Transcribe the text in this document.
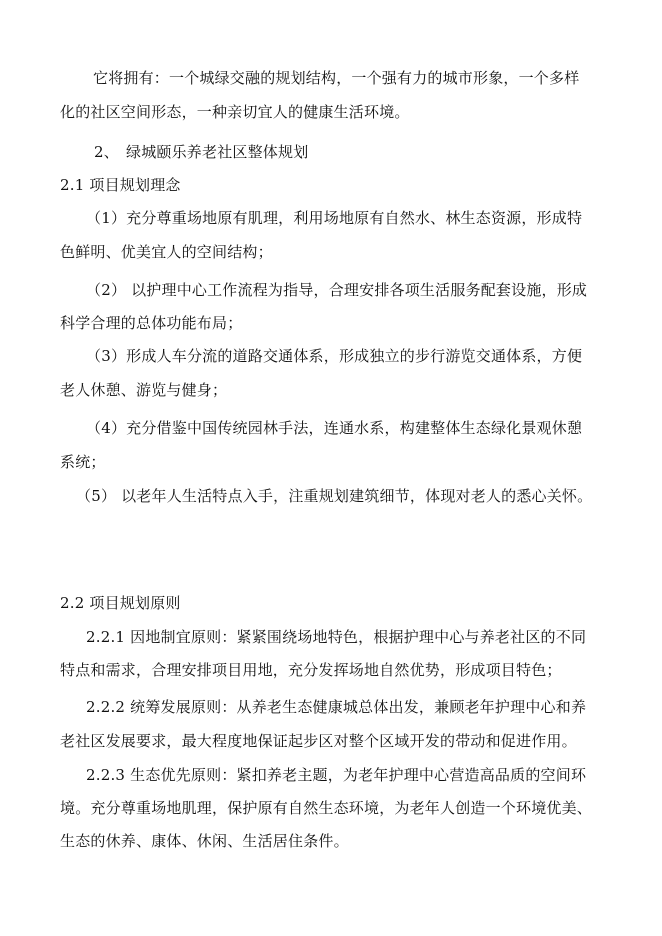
它将拥有：一个城绿交融的规划结构，一个强有力的城市形象，一个多样
化的社区空间形态，一种亲切宜人的健康生活环境。
2、 绿城颐乐养老社区整体规划
2.1 项目规划理念
（1）充分尊重场地原有肌理，利用场地原有自然水、林生态资源，形成特
色鲜明、优美宜人的空间结构；
（2） 以护理中心工作流程为指导，合理安排各项生活服务配套设施，形成
科学合理的总体功能布局；
（3）形成人车分流的道路交通体系，形成独立的步行游览交通体系，方便
老人休憩、游览与健身；
（4）充分借鉴中国传统园林手法，连通水系，构建整体生态绿化景观休憩
系统；
（5） 以老年人生活特点入手，注重规划建筑细节，体现对老人的悉心关怀。
2.2 项目规划原则
2.2.1 因地制宜原则：紧紧围绕场地特色，根据护理中心与养老社区的不同
特点和需求，合理安排项目用地，充分发挥场地自然优势，形成项目特色；
2.2.2 统筹发展原则：从养老生态健康城总体出发，兼顾老年护理中心和养
老社区发展要求，最大程度地保证起步区对整个区域开发的带动和促进作用。
2.2.3 生态优先原则：紧扣养老主题，为老年护理中心营造高品质的空间环
境。充分尊重场地肌理，保护原有自然生态环境，为老年人创造一个环境优美、
生态的休养、康体、休闲、生活居住条件。
